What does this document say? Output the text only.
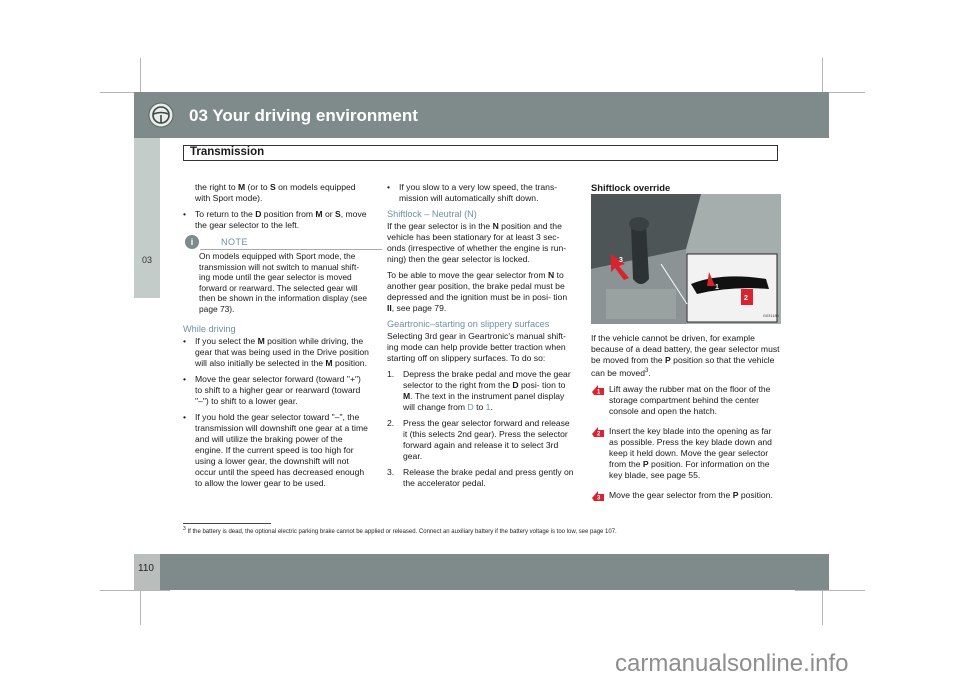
03 Your driving environment
Transmission
03
110

the right to M (or to S on models equipped with Sport mode).

• To return to the D position from M or S, move the gear selector to the left.
i	NOTE
On models equipped with Sport mode, the transmission will not switch to manual shift- ing mode until the gear selector is moved forward or rearward. The selected gear will then be shown in the information display (see page 73).
While driving
• If you select the M position while driving, the gear that was being used in the Drive position will also initially be selected in the M position.
• Move the gear selector forward (toward "+") to shift to a higher gear or rearward (toward "–") to shift to a lower gear.
• If you hold the gear selector toward "–", the transmission will downshift one gear at a time and will utilize the braking power of the engine. If the current speed is too high for using a lower gear, the downshift will not occur until the speed has decreased enough to allow the lower gear to be used.
• If you slow to a very low speed, the trans- mission will automatically shift down.
Shiftlock – Neutral (N)

If the gear selector is in the N position and the vehicle has been stationary for at least 3 sec- onds (irrespective of whether the engine is run- ning) then the gear selector is locked.

To be able to move the gear selector from N to another gear position, the brake pedal must be depressed and the ignition must be in posi- tion II, see page 79.

Geartronic–starting on slippery surfaces

Selecting 3rd gear in Geartronic's manual shift- ing mode can help provide better traction when starting off on slippery surfaces. To do so:

1. Depress the brake pedal and move the gear selector to the right from the D posi- tion to M. The text in the instrument panel display will change from D to 1.
2. Press the gear selector forward and release it (this selects 2nd gear). Press the selector forward again and release it to select 3rd gear.
3. Release the brake pedal and press gently on the accelerator pedal.
Shiftlock override
G031189
3
1
2

If the vehicle cannot be driven, for example because of a dead battery, the gear selector must be moved from the P position so that the vehicle can be moved$^3$.

1 Lift away the rubber mat on the floor of the storage compartment behind the center console and open the hatch.
2 Insert the key blade into the opening as far as possible. Press the key blade down and keep it held down. Move the gear selector from the P position. For information on the key blade, see page 55.
3 Move the gear selector from the P position.
$^3$ If the battery is dead, the optional electric parking brake cannot be applied or released. Connect an auxiliary battery if the battery voltage is too low, see page 107.
carmanualsonline.info
